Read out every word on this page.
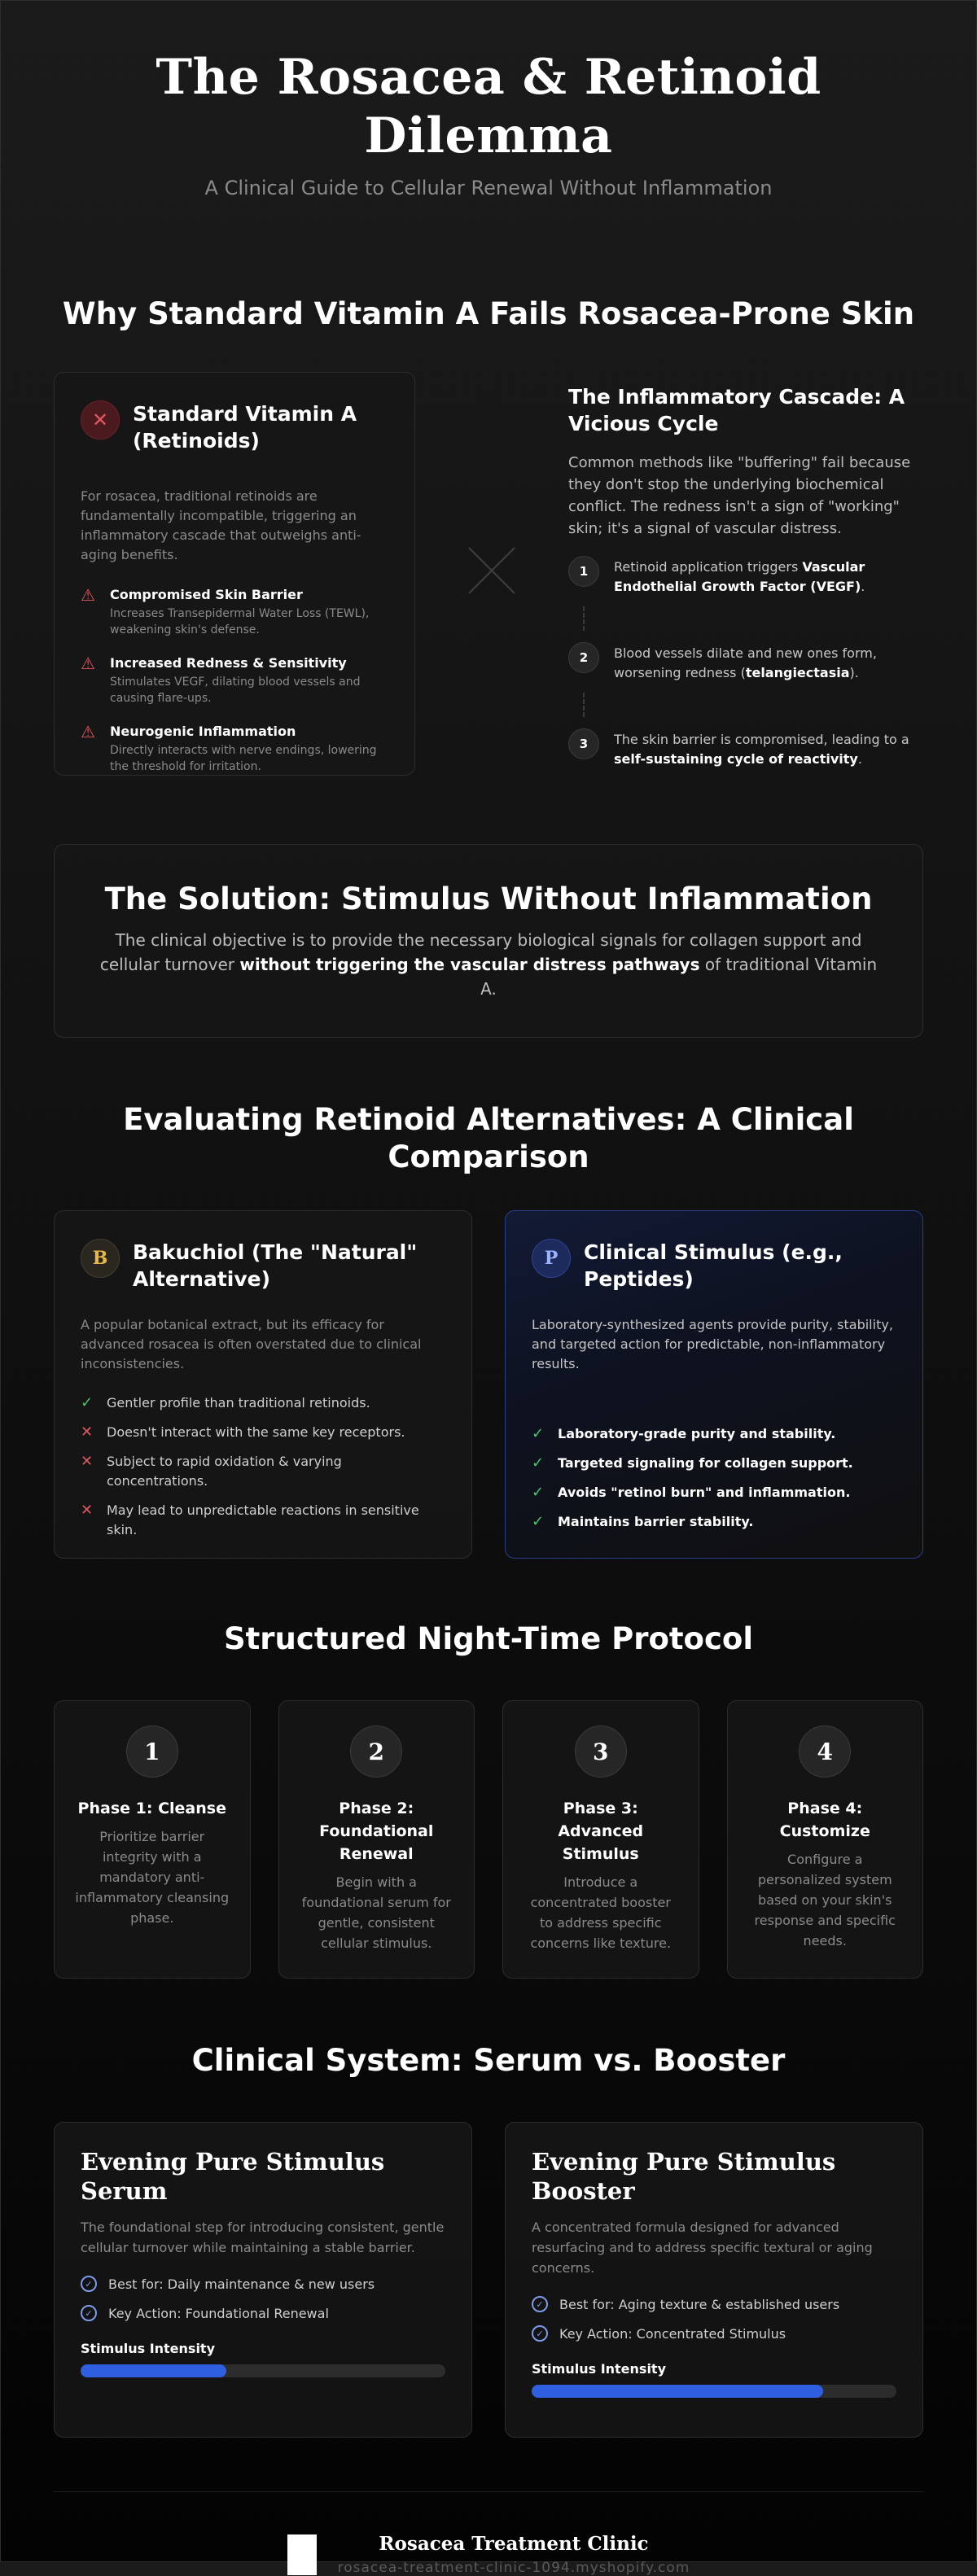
The Rosacea & Retinoid Dilemma
A Clinical Guide to Cellular Renewal Without Inflammation
Why Standard Vitamin A Fails Rosacea-Prone Skin
✕	Standard Vitamin A (Retinoids)

For rosacea, traditional retinoids are fundamentally incompatible, triggering an inflammatory cascade that outweighs anti-aging benefits.

⚠ Compromised Skin Barrier
Increases Transepidermal Water Loss (TEWL), weakening skin's defense.
⚠ Increased Redness & Sensitivity
Stimulates VEGF, dilating blood vessels and causing flare-ups.
⚠ Neurogenic Inflammation
Directly interacts with nerve endings, lowering the threshold for irritation.
The Inflammatory Cascade: A Vicious Cycle

Common methods like "buffering" fail because they don't stop the underlying biochemical conflict. The redness isn't a sign of "working" skin; it's a signal of vascular distress.

1	Retinoid application triggers Vascular Endothelial Growth Factor (VEGF).
2	Blood vessels dilate and new ones form, worsening redness (telangiectasia).
3	The skin barrier is compromised, leading to a self-sustaining cycle of reactivity.
The Solution: Stimulus Without Inflammation

The clinical objective is to provide the necessary biological signals for collagen support and cellular turnover without triggering the vascular distress pathways of traditional Vitamin A.

Evaluating Retinoid Alternatives: A Clinical Comparison
B	Bakuchiol (The "Natural" Alternative)

A popular botanical extract, but its efficacy for advanced rosacea is often overstated due to clinical inconsistencies.

✓ Gentler profile than traditional retinoids.
✕ Doesn't interact with the same key receptors.
✕ Subject to rapid oxidation & varying concentrations.
✕ May lead to unpredictable reactions in sensitive skin.
P	Clinical Stimulus (e.g., Peptides)

Laboratory-synthesized agents provide purity, stability, and targeted action for predictable, non-inflammatory results.

✓ Laboratory-grade purity and stability.
✓ Targeted signaling for collagen support.
✓ Avoids "retinol burn" and inflammation.
✓ Maintains barrier stability.
Structured Night-Time Protocol
1
Phase 1: Cleanse

Prioritize barrier integrity with a mandatory anti-inflammatory cleansing phase.

2
Phase 2: Foundational Renewal

Begin with a foundational serum for gentle, consistent cellular stimulus.

3
Phase 3: Advanced Stimulus

Introduce a concentrated booster to address specific concerns like texture.

4
Phase 4: Customize

Configure a personalized system based on your skin's response and specific needs.

Clinical System: Serum vs. Booster
Evening Pure Stimulus Serum

The foundational step for introducing consistent, gentle cellular turnover while maintaining a stable barrier.

✓	Best for: Daily maintenance & new users
✓	Key Action: Foundational Renewal
Stimulus Intensity
Evening Pure Stimulus Booster

A concentrated formula designed for advanced resurfacing and to address specific textural or aging concerns.

✓	Best for: Aging texture & established users
✓	Key Action: Concentrated Stimulus
Stimulus Intensity
Rosacea Treatment Clinic
rosacea-treatment-clinic-1094.myshopify.com
